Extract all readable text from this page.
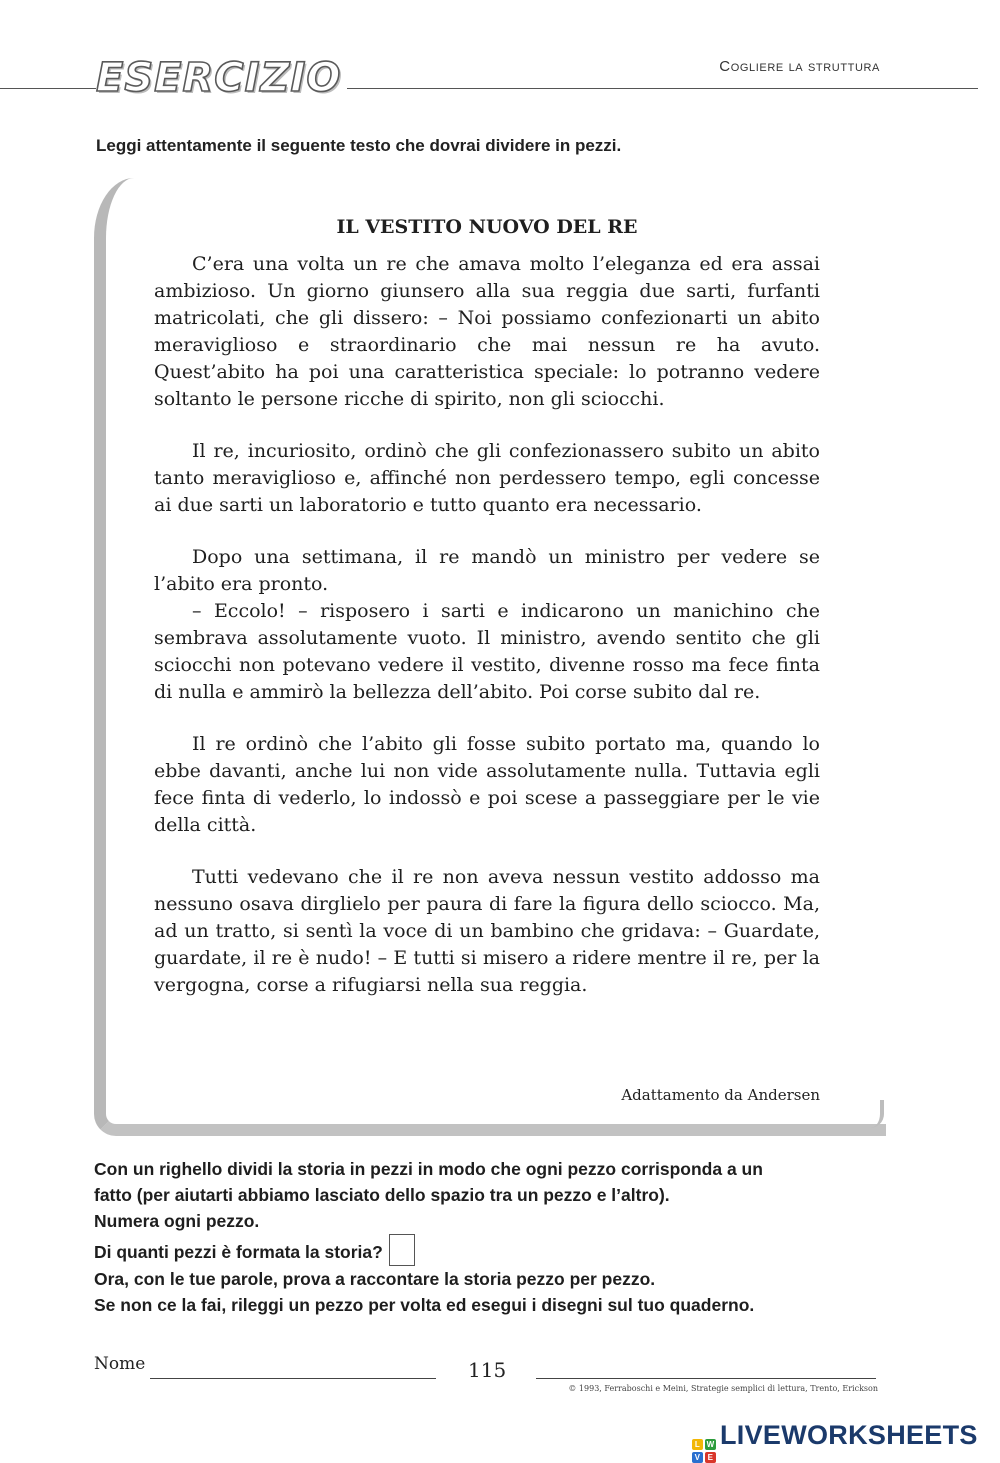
ESERCIZIO	Cogliere la struttura

Leggi attentamente il seguente testo che dovrai dividere in pezzi.

IL VESTITO NUOVO DEL RE

C’era una volta un re che amava molto l’eleganza ed era assai ambizioso. Un giorno giunsero alla sua reggia due sarti, furfanti matricolati, che gli dissero: – Noi possiamo confezionarti un abito meraviglioso e straordinario che mai nessun re ha avuto. Quest’abito ha poi una caratteristica speciale: lo potranno vedere soltanto le persone ricche di spirito, non gli sciocchi.

Il re, incuriosito, ordinò che gli confezionassero subito un abito tanto meraviglioso e, affinché non perdessero tempo, egli concesse ai due sarti un laboratorio e tutto quanto era necessario.

Dopo una settimana, il re mandò un ministro per vedere se l’abito era pronto.

– Eccolo! – risposero i sarti e indicarono un manichino che sembrava assolutamente vuoto. Il ministro, avendo sentito che gli sciocchi non potevano vedere il vestito, divenne rosso ma fece finta di nulla e ammirò la bellezza dell’abito. Poi corse subito dal re.

Il re ordinò che l’abito gli fosse subito portato ma, quando lo ebbe davanti, anche lui non vide assolutamente nulla. Tuttavia egli fece finta di vederlo, lo indossò e poi scese a passeggiare per le vie della città.

Tutti vedevano che il re non aveva nessun vestito addosso ma nessuno osava dirglielo per paura di fare la figura dello sciocco. Ma, ad un tratto, si sentì la voce di un bambino che gridava: – Guardate, guardate, il re è nudo! – E tutti si misero a ridere mentre il re, per la vergogna, corse a rifugiarsi nella sua reggia.

Adattamento da Andersen
Con un righello dividi la storia in pezzi in modo che ogni pezzo corrisponda a un
fatto (per aiutarti abbiamo lasciato dello spazio tra un pezzo e l’altro).
Numera ogni pezzo.
Di quanti pezzi è formata la storia?
Ora, con le tue parole, prova a raccontare la storia pezzo per pezzo.
Se non ce la fai, rileggi un pezzo per volta ed esegui i disegni sul tuo quaderno.
Nome	115
© 1993, Ferraboschi e Meini, Strategie semplici di lettura, Trento, Erickson
L W
V E
LIVEWORKSHEETS
